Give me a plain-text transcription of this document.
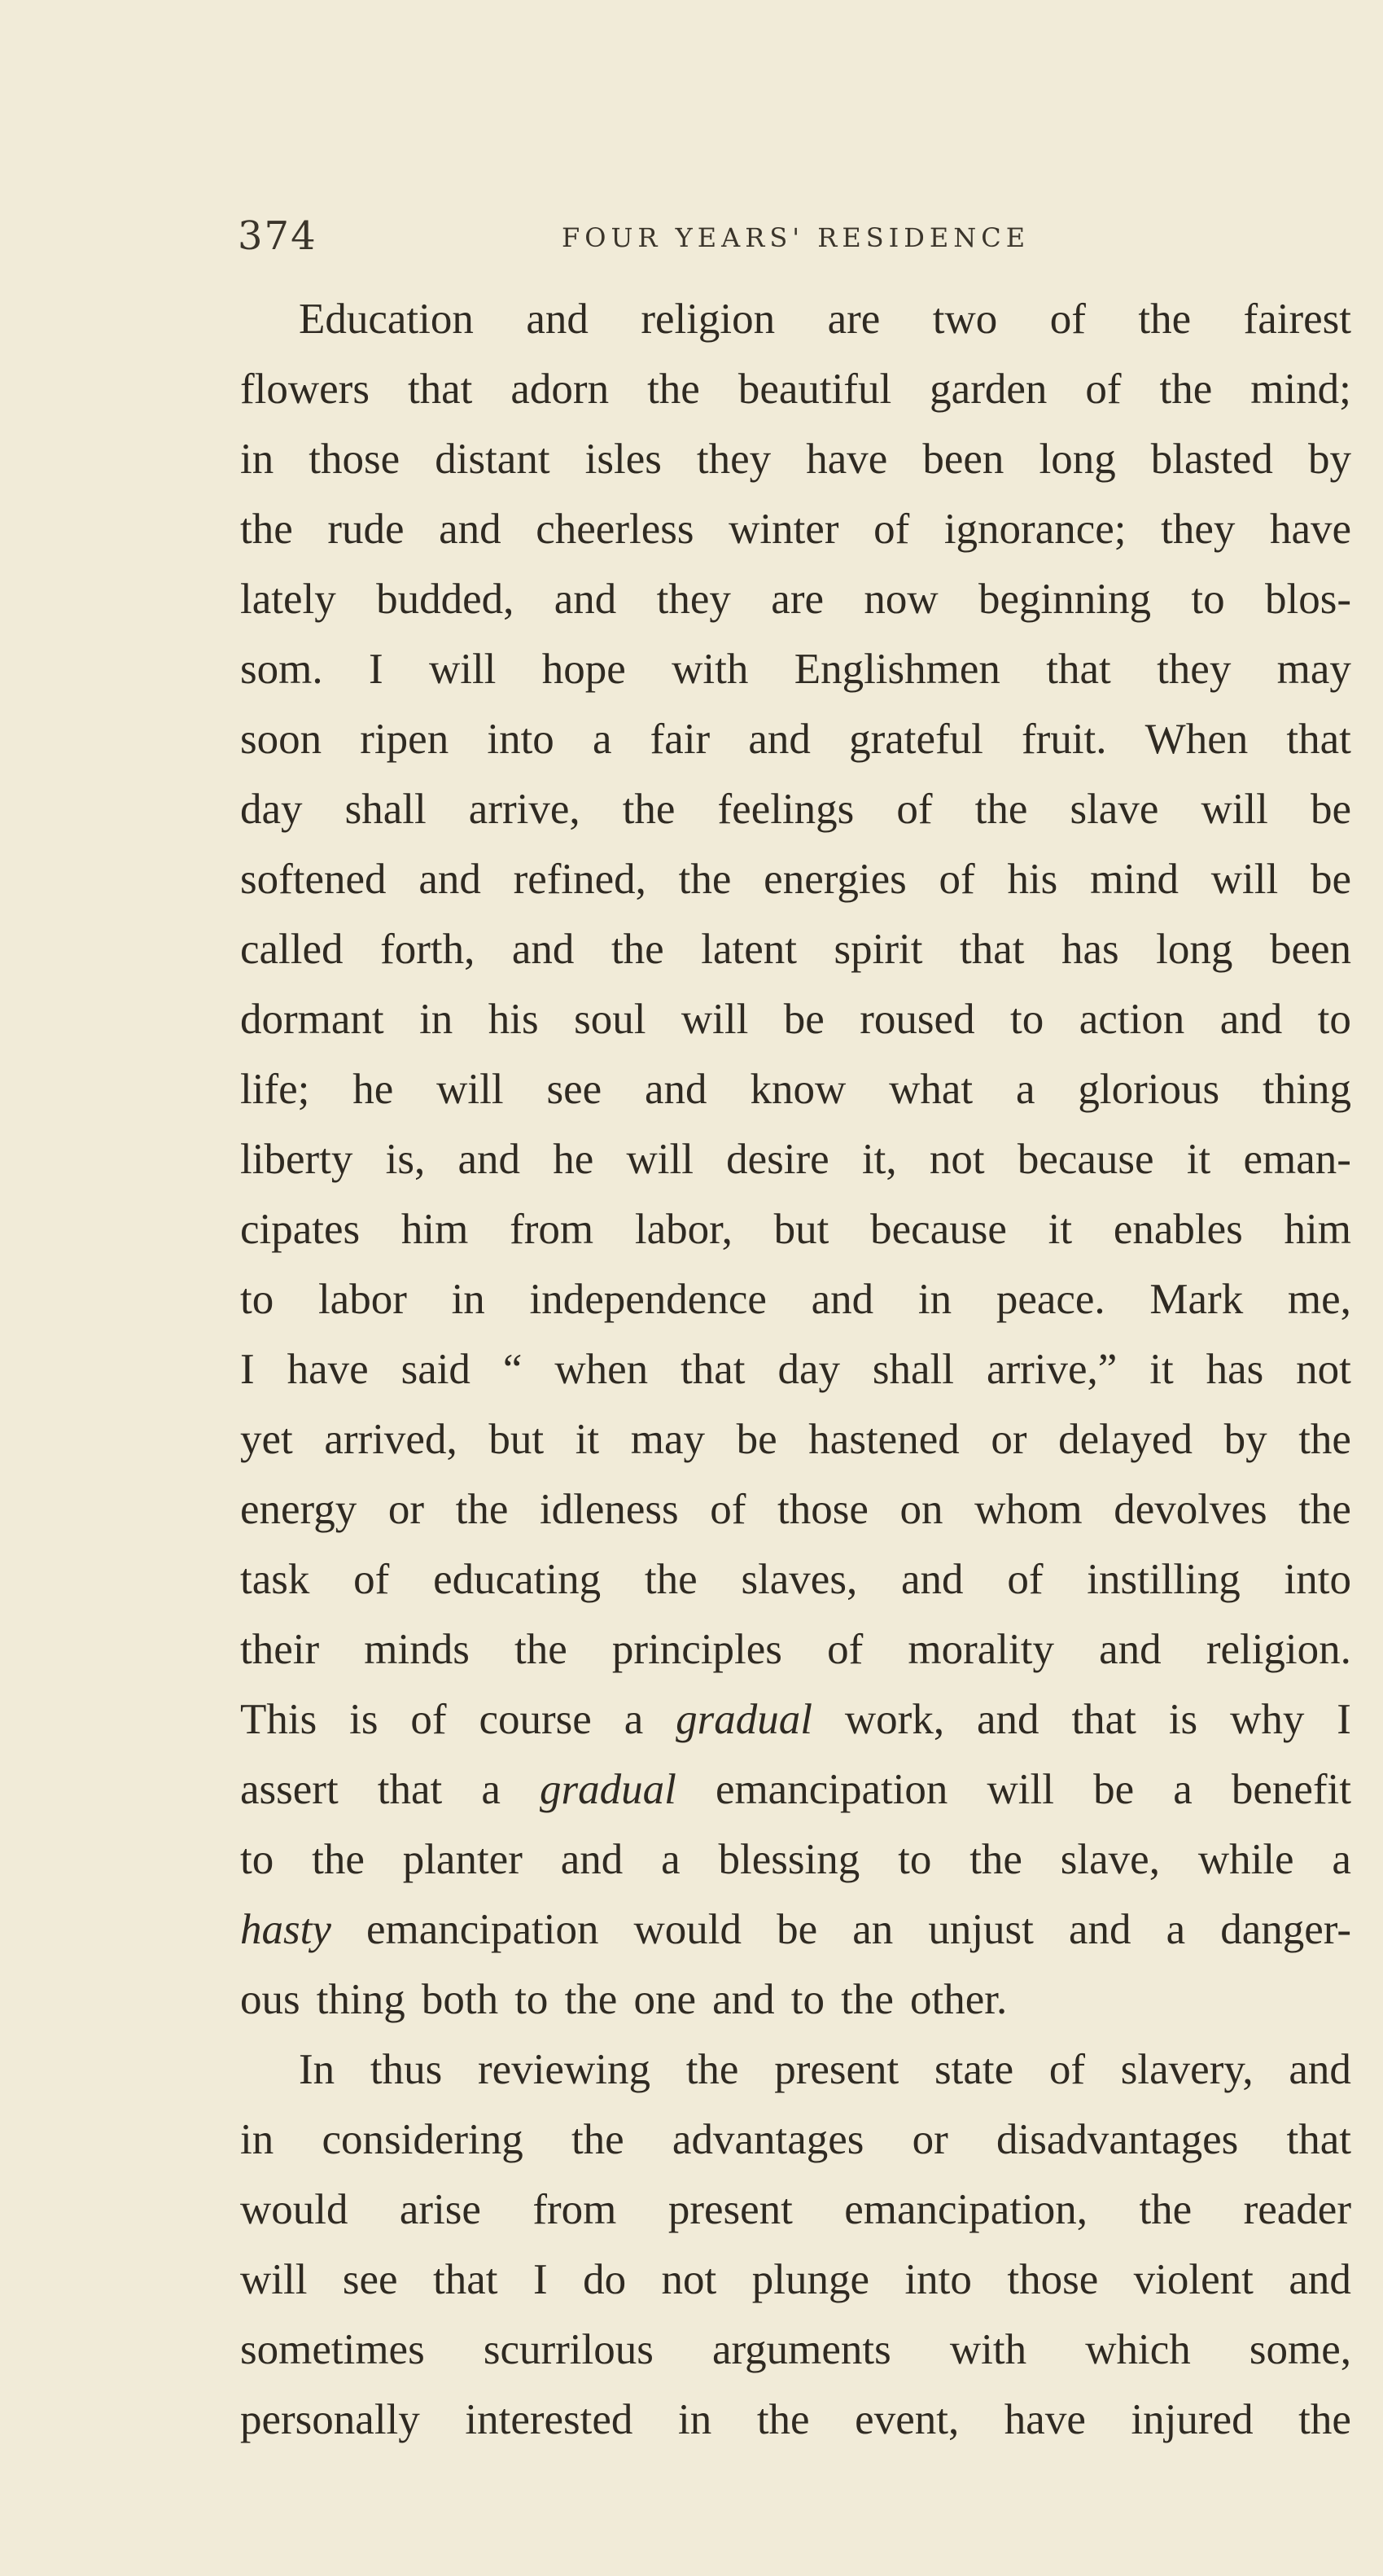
374	FOUR YEARS' RESIDENCE
Education and religion are two of the fairest
flowers that adorn the beautiful garden of the mind;
in those distant isles they have been long blasted by
the rude and cheerless winter of ignorance; they have
lately budded, and they are now beginning to blos-
som. I will hope with Englishmen that they may
soon ripen into a fair and grateful fruit. When that
day shall arrive, the feelings of the slave will be
softened and refined, the energies of his mind will be
called forth, and the latent spirit that has long been
dormant in his soul will be roused to action and to
life; he will see and know what a glorious thing
liberty is, and he will desire it, not because it eman-
cipates him from labor, but because it enables him
to labor in independence and in peace. Mark me,
I have said “ when that day shall arrive,” it has not
yet arrived, but it may be hastened or delayed by the
energy or the idleness of those on whom devolves the
task of educating the slaves, and of instilling into
their minds the principles of morality and religion.
This is of course a gradual work, and that is why I
assert that a gradual emancipation will be a benefit
to the planter and a blessing to the slave, while a
hasty emancipation would be an unjust and a danger-
ous thing both to the one and to the other.
In thus reviewing the present state of slavery, and
in considering the advantages or disadvantages that
would arise from present emancipation, the reader
will see that I do not plunge into those violent and
sometimes scurrilous arguments with which some,
personally interested in the event, have injured the
